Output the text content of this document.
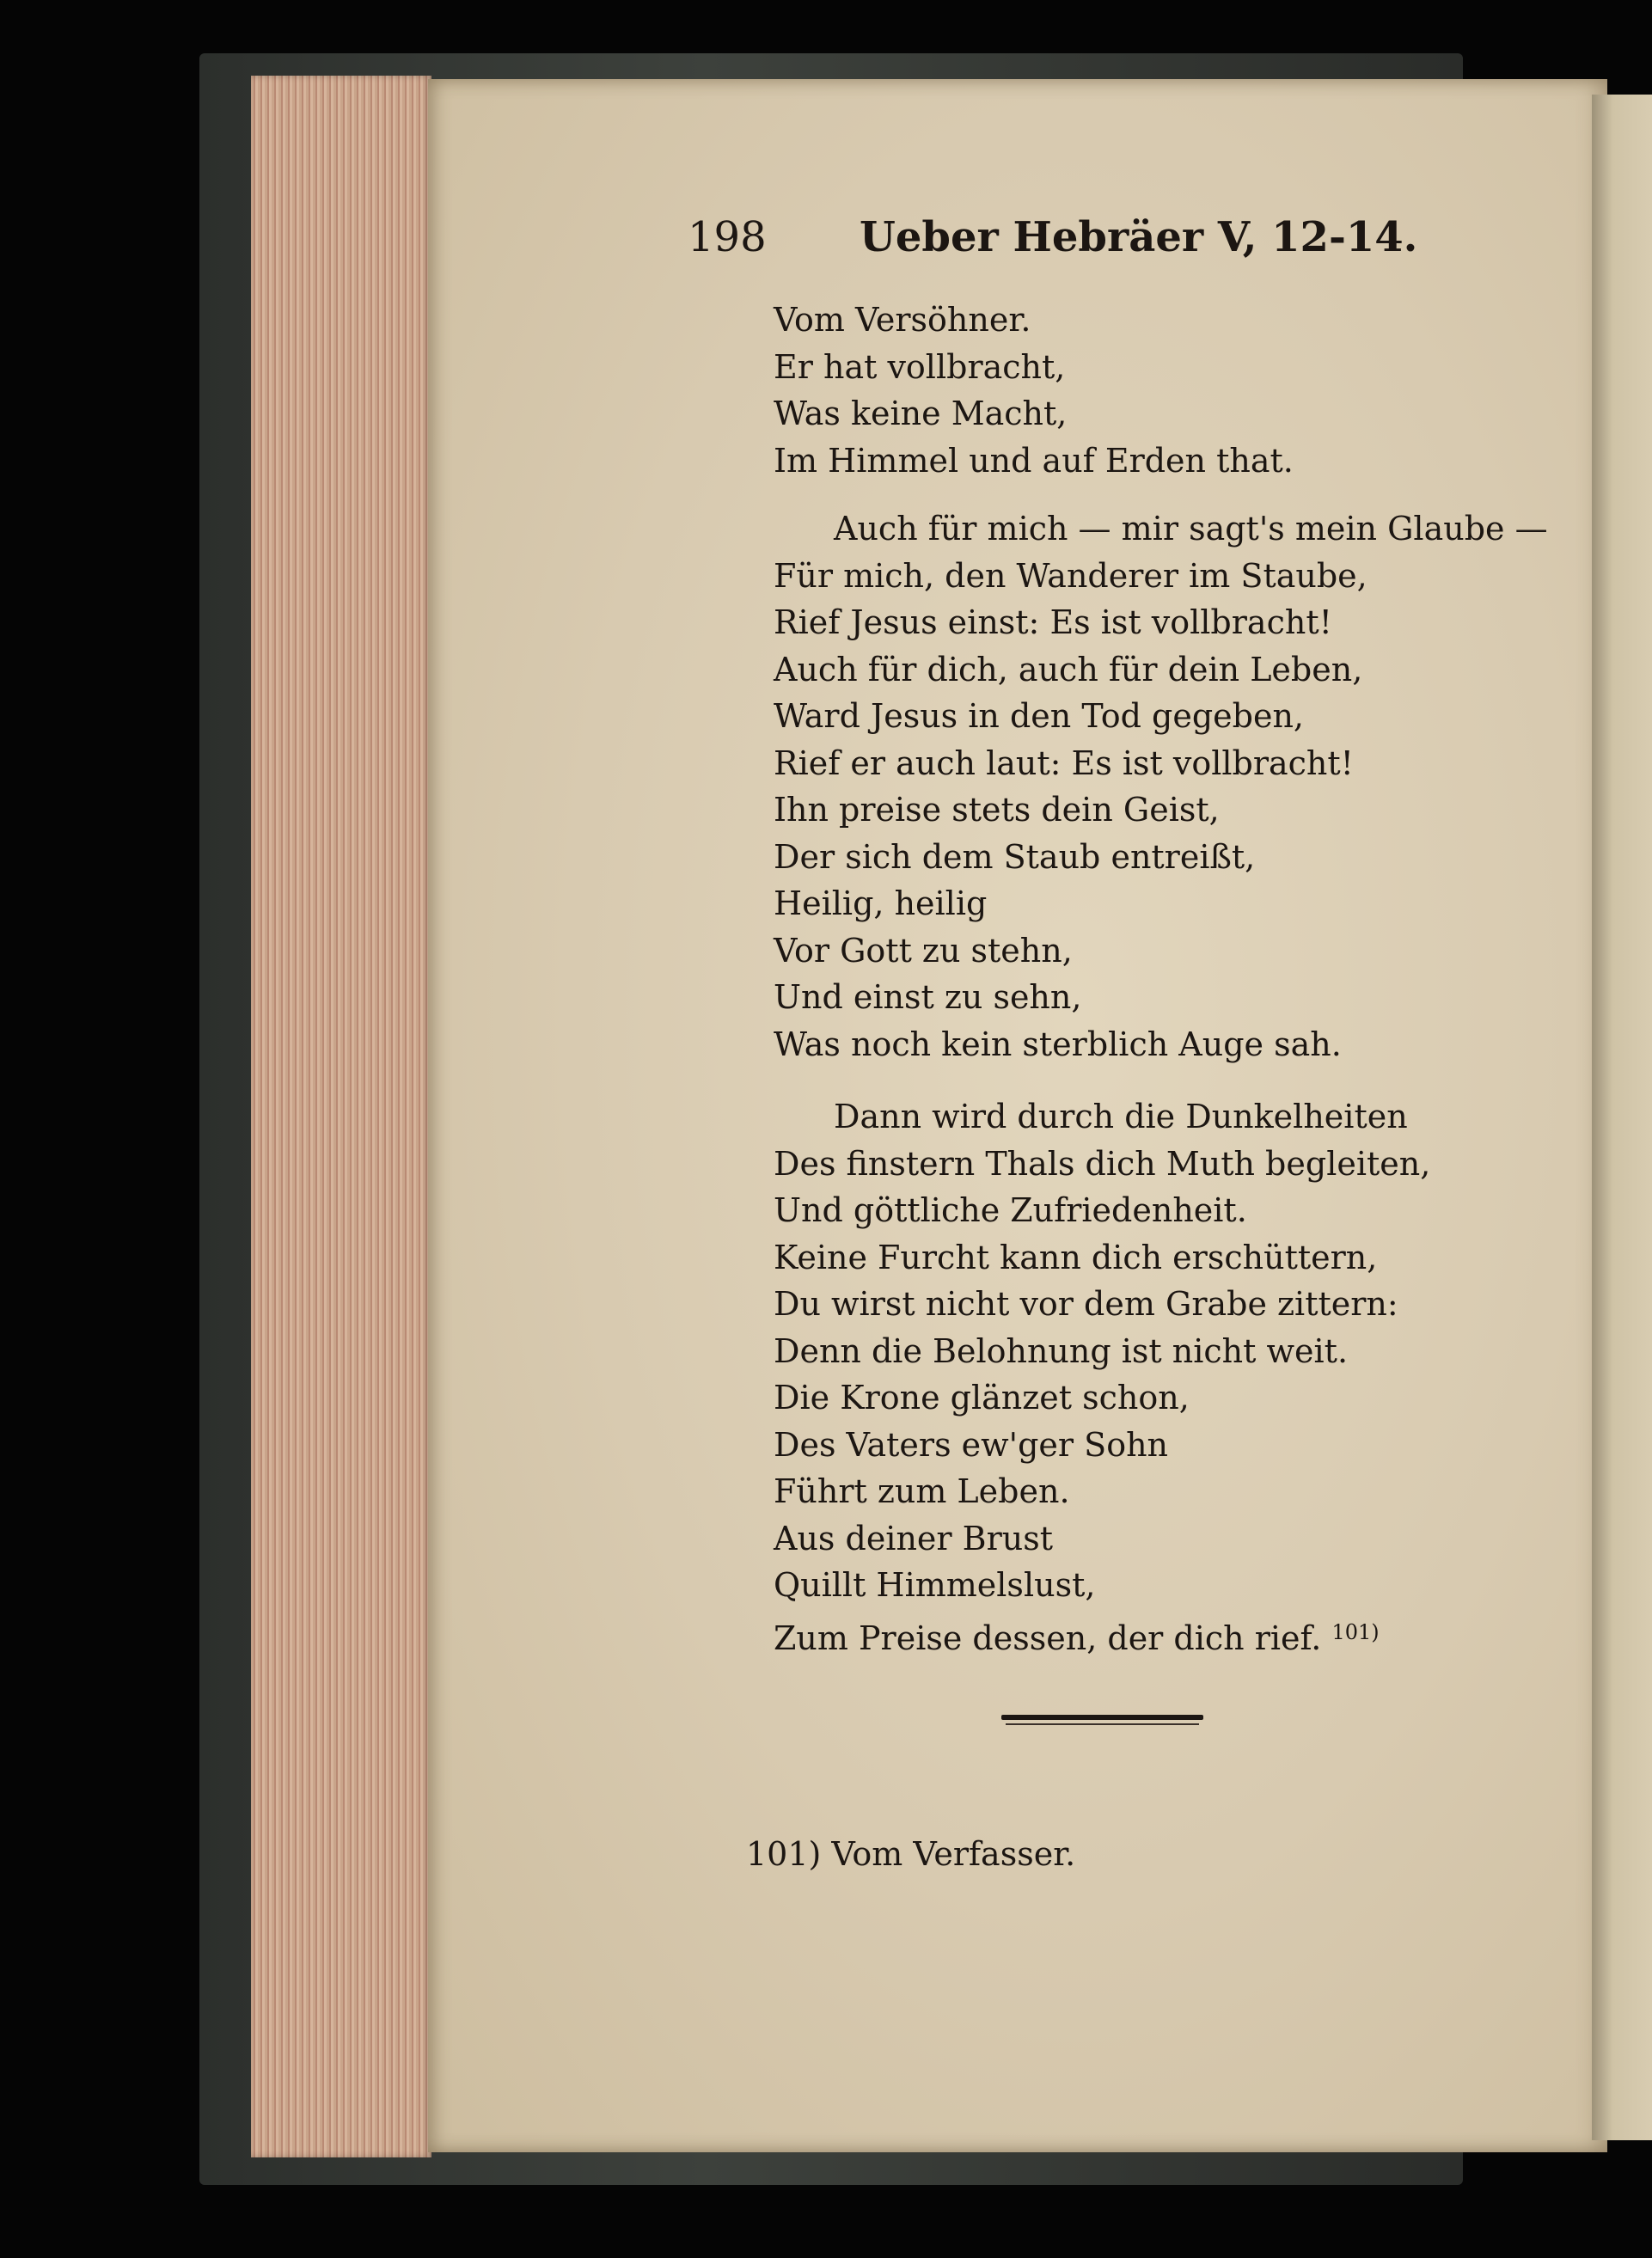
198 Ueber Hebräer V, 12-14.
Vom Versöhner.
Er hat vollbracht,
Was keine Macht,
Im Himmel und auf Erden that.
Auch für mich — mir sagt's mein Glaube —
Für mich, den Wanderer im Staube,
Rief Jesus einst: Es ist vollbracht!
Auch für dich, auch für dein Leben,
Ward Jesus in den Tod gegeben,
Rief er auch laut: Es ist vollbracht!
Ihn preise stets dein Geist,
Der sich dem Staub entreißt,
Heilig, heilig
Vor Gott zu stehn,
Und einst zu sehn,
Was noch kein sterblich Auge sah.
Dann wird durch die Dunkelheiten
Des finstern Thals dich Muth begleiten,
Und göttliche Zufriedenheit.
Keine Furcht kann dich erschüttern,
Du wirst nicht vor dem Grabe zittern:
Denn die Belohnung ist nicht weit.
Die Krone glänzet schon,
Des Vaters ew'ger Sohn
Führt zum Leben.
Aus deiner Brust
Quillt Himmelslust,
Zum Preise dessen, der dich rief. $^{101)}$
101) Vom Verfasser.
